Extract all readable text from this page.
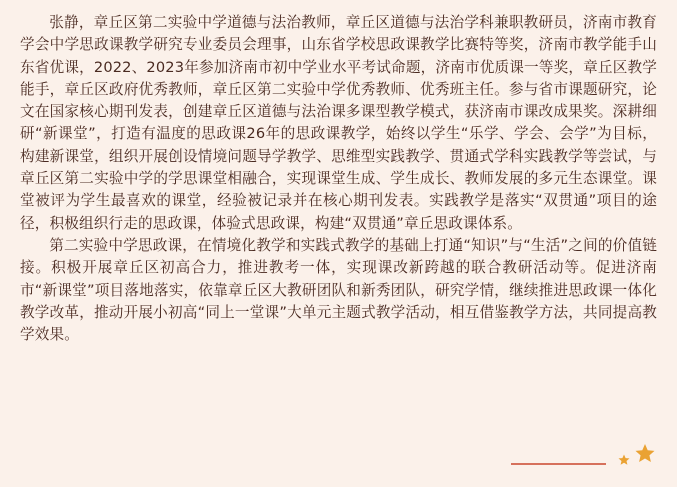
张静，章丘区第二实验中学道德与法治教师，章丘区道德与法治学科兼职教研员，济南市教育学会中学思政课教学研究专业委员会理事，山东省学校思政课教学比赛特等奖，济南市教学能手山东省优课，2022、2023年参加济南市初中学业水平考试命题，济南市优质课一等奖，章丘区教学能手，章丘区政府优秀教师，章丘区第二实验中学优秀教师、优秀班主任。参与省市课题研究，论文在国家核心期刊发表，创建章丘区道德与法治课多课型教学模式，获济南市课改成果奖。深耕细研“新课堂”，打造有温度的思政课26年的思政课教学，始终以学生“乐学、学会、会学”为目标，构建新课堂，组织开展创设情境问题导学教学、思维型实践教学、贯通式学科实践教学等尝试，与章丘区第二实验中学的学思课堂相融合，实现课堂生成、学生成长、教师发展的多元生态课堂。课堂被评为学生最喜欢的课堂，经验被记录并在核心期刊发表。实践教学是落实“双贯通”项目的途径，积极组织行走的思政课，体验式思政课，构建“双贯通”章丘思政课体系。

第二实验中学思政课，在情境化教学和实践式教学的基础上打通“知识”与“生活”之间的价值链接。积极开展章丘区初高合力，推进教考一体，实现课改新跨越的联合教研活动等。促进济南市“新课堂”项目落地落实，依靠章丘区大教研团队和新秀团队，研究学情，继续推进思政课一体化教学改革，推动开展小初高“同上一堂课”大单元主题式教学活动，相互借鉴教学方法，共同提高教学效果。
